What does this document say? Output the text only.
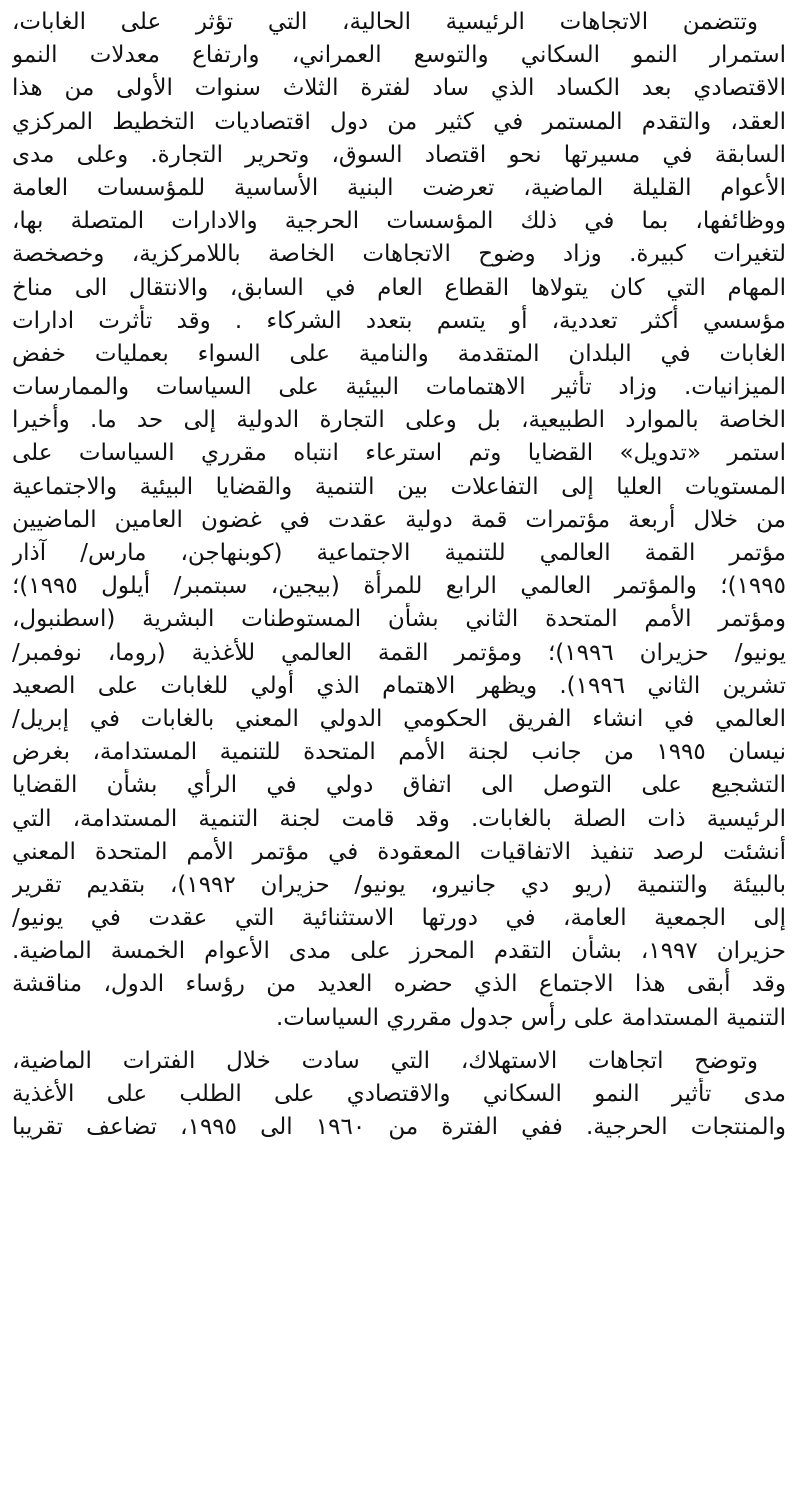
وتتضمن الاتجاهات الرئيسية الحالية، التي تؤثر على الغابات،
استمرار النمو السكاني والتوسع العمراني، وارتفاع معدلات النمو
الاقتصادي بعد الكساد الذي ساد لفترة الثلاث سنوات الأولى من هذا
العقد، والتقدم المستمر في كثير من دول اقتصاديات التخطيط المركزي
السابقة في مسيرتها نحو اقتصاد السوق، وتحرير التجارة. وعلى مدى
الأعوام القليلة الماضية، تعرضت البنية الأساسية للمؤسسات العامة
ووظائفها، بما في ذلك المؤسسات الحرجية والادارات المتصلة بها،
لتغيرات كبيرة. وزاد وضوح الاتجاهات الخاصة باللامركزية، وخصخصة
المهام التي كان يتولاها القطاع العام في السابق، والانتقال الى مناخ
مؤسسي أكثر تعددية، أو يتسم بتعدد الشركاء . وقد تأثرت ادارات
الغابات في البلدان المتقدمة والنامية على السواء بعمليات خفض
الميزانيات. وزاد تأثير الاهتمامات البيئية على السياسات والممارسات
الخاصة بالموارد الطبيعية، بل وعلى التجارة الدولية إلى حد ما. وأخيرا
استمر «تدويل» القضايا وتم استرعاء انتباه مقرري السياسات على
المستويات العليا إلى التفاعلات بين التنمية والقضايا البيئية والاجتماعية
من خلال أربعة مؤتمرات قمة دولية عقدت في غضون العامين الماضيين
مؤتمر القمة العالمي للتنمية الاجتماعية (كوبنهاجن، مارس/ آذار
١٩٩٥)؛ والمؤتمر العالمي الرابع للمرأة (بيجين، سبتمبر/ أيلول ١٩٩٥)؛
ومؤتمر الأمم المتحدة الثاني بشأن المستوطنات البشرية (اسطنبول،
يونيو/ حزيران ١٩٩٦)؛ ومؤتمر القمة العالمي للأغذية (روما، نوفمبر/
تشرين الثاني ١٩٩٦). ويظهر الاهتمام الذي أولي للغابات على الصعيد
العالمي في انشاء الفريق الحكومي الدولي المعني بالغابات في إبريل/
نيسان ١٩٩٥ من جانب لجنة الأمم المتحدة للتنمية المستدامة، بغرض
التشجيع على التوصل الى اتفاق دولي في الرأي بشأن القضايا
الرئيسية ذات الصلة بالغابات. وقد قامت لجنة التنمية المستدامة، التي
أنشئت لرصد تنفيذ الاتفاقيات المعقودة في مؤتمر الأمم المتحدة المعني
بالبيئة والتنمية (ريو دي جانيرو، يونيو/ حزيران ١٩٩٢)، بتقديم تقرير
إلى الجمعية العامة، في دورتها الاستثنائية التي عقدت في يونيو/
حزيران ١٩٩٧، بشأن التقدم المحرز على مدى الأعوام الخمسة الماضية.
وقد أبقى هذا الاجتماع الذي حضره العديد من رؤساء الدول، مناقشة
التنمية المستدامة على رأس جدول مقرري السياسات.
وتوضح اتجاهات الاستهلاك، التي سادت خلال الفترات الماضية،
مدى تأثير النمو السكاني والاقتصادي على الطلب على الأغذية
والمنتجات الحرجية. ففي الفترة من ١٩٦٠ الى ١٩٩٥، تضاعف تقريبا
